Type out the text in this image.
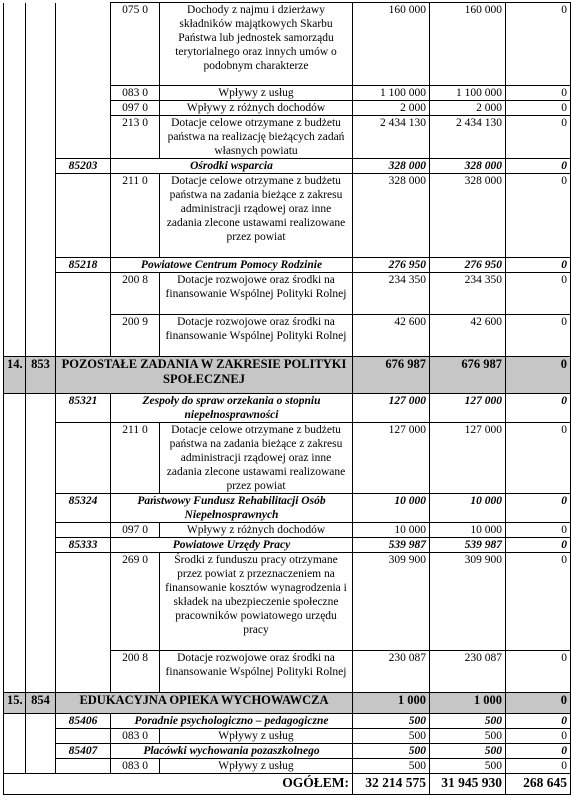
			075 0	Dochody z najmu i dzierżawy składników majątkowych Skarbu Państwa lub jednostek samorządu terytorialnego oraz innych umów o podobnym charakterze	160 000	160 000	0
			083 0	Wpływy z usług	1 100 000	1 100 000	0
			097 0	Wpływy z różnych dochodów	2 000	2 000	0
			213 0	Dotacje celowe otrzymane z budżetu państwa na realizację bieżących zadań własnych powiatu	2 434 130	2 434 130	0
		85203	Ośrodki wsparcia		328 000	328 000	0
			211 0	Dotacje celowe otrzymane z budżetu państwa na zadania bieżące z zakresu administracji rządowej oraz inne zadania zlecone ustawami realizowane przez powiat	328 000	328 000	0
		85218	Powiatowe Centrum Pomocy Rodzinie		276 950	276 950	0
			200 8	Dotacje rozwojowe oraz środki na finansowanie Wspólnej Polityki Rolnej	234 350	234 350	0
			200 9	Dotacje rozwojowe oraz środki na finansowanie Wspólnej Polityki Rolnej	42 600	42 600	0
14.	853	POZOSTAŁE ZADANIA W ZAKRESIE POLITYKI SPOŁECZNEJ			676 987	676 987	0
		85321	Zespoły do spraw orzekania o stopniu niepełnosprawności		127 000	127 000	0
			211 0	Dotacje celowe otrzymane z budżetu państwa na zadania bieżące z zakresu administracji rządowej oraz inne zadania zlecone ustawami realizowane przez powiat	127 000	127 000	0
		85324	Państwowy Fundusz Rehabilitacji Osób Niepełnosprawnych		10 000	10 000	0
			097 0	Wpływy z różnych dochodów	10 000	10 000	0
		85333	Powiatowe Urzędy Pracy		539 987	539 987	0
			269 0	Środki z funduszu pracy otrzymane przez powiat z przeznaczeniem na finansowanie kosztów wynagrodzenia i składek na ubezpieczenie społeczne pracowników powiatowego urzędu pracy	309 900	309 900	0
			200 8	Dotacje rozwojowe oraz środki na finansowanie Wspólnej Polityki Rolnej	230 087	230 087	0
15.	854	EDUKACYJNA OPIEKA WYCHOWAWCZA			1 000	1 000	0
		85406	Poradnie psychologiczno – pedagogiczne		500	500	0
			083 0	Wpływy z usług	500	500	0
		85407	Placówki wychowania pozaszkolnego		500	500	0
			083 0	Wpływy z usług	500	500	0
OGÓŁEM:					32 214 575	31 945 930	268 645
